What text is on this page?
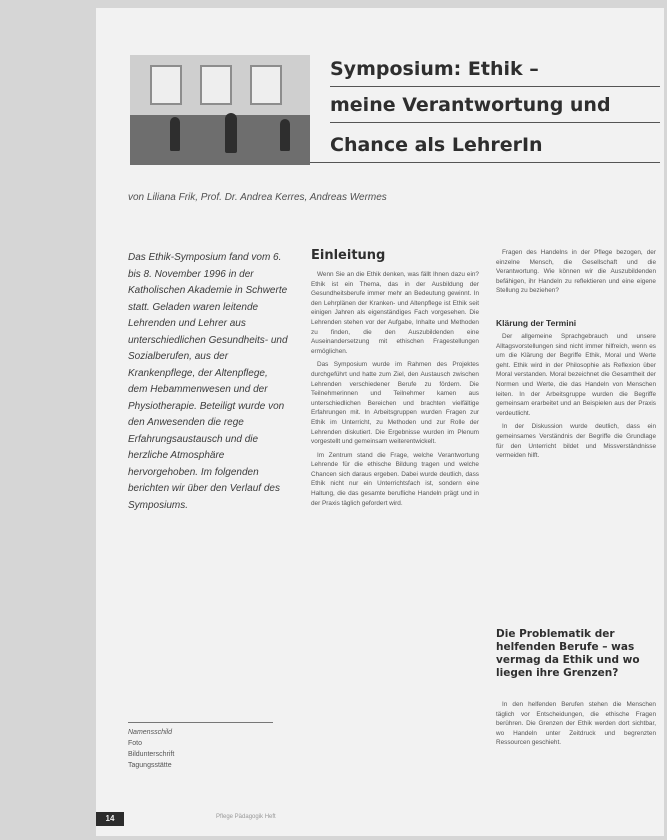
Symposium: Ethik –
meine Verantwortung und
Chance als LehrerIn
von Liliana Frik, Prof. Dr. Andrea Kerres, Andreas Wermes
Das Ethik-Symposium fand vom 6. bis 8. November 1996 in der Katholischen Akademie in Schwerte statt. Geladen waren leitende Lehrenden und Lehrer aus unterschiedlichen Gesundheits- und Sozialberufen, aus der Krankenpflege, der Altenpflege, dem Hebammenwesen und der Physiotherapie. Beteiligt wurde von den Anwesenden die rege Erfahrungsaustausch und die herzliche Atmosphäre hervorgehoben. Im folgenden berichten wir über den Verlauf des Symposiums.
Einleitung

Wenn Sie an die Ethik denken, was fällt Ihnen dazu ein? Ethik ist ein Thema, das in der Ausbildung der Gesundheitsberufe immer mehr an Bedeutung gewinnt. In den Lehrplänen der Kranken- und Altenpflege ist Ethik seit einigen Jahren als eigenständiges Fach vorgesehen. Die Lehrenden stehen vor der Aufgabe, Inhalte und Methoden zu finden, die den Auszubildenden eine Auseinandersetzung mit ethischen Fragestellungen ermöglichen.

Das Symposium wurde im Rahmen des Projektes durchgeführt und hatte zum Ziel, den Austausch zwischen Lehrenden verschiedener Berufe zu fördern. Die Teilnehmerinnen und Teilnehmer kamen aus unterschiedlichen Bereichen und brachten vielfältige Erfahrungen mit. In Arbeitsgruppen wurden Fragen zur Ethik im Unterricht, zu Methoden und zur Rolle der Lehrenden diskutiert. Die Ergebnisse wurden im Plenum vorgestellt und gemeinsam weiterentwickelt.

Im Zentrum stand die Frage, welche Verantwortung Lehrende für die ethische Bildung tragen und welche Chancen sich daraus ergeben. Dabei wurde deutlich, dass Ethik nicht nur ein Unterrichtsfach ist, sondern eine Haltung, die das gesamte berufliche Handeln prägt und in der Praxis täglich gefordert wird.

Fragen des Handelns in der Pflege bezogen, der einzelne Mensch, die Gesellschaft und die Verantwortung. Wie können wir die Auszubildenden befähigen, ihr Handeln zu reflektieren und eine eigene Stellung zu beziehen?

Klärung der Termini

Der allgemeine Sprachgebrauch und unsere Alltagsvorstellungen sind nicht immer hilfreich, wenn es um die Klärung der Begriffe Ethik, Moral und Werte geht. Ethik wird in der Philosophie als Reflexion über Moral verstanden. Moral bezeichnet die Gesamtheit der Normen und Werte, die das Handeln von Menschen leiten. In der Arbeitsgruppe wurden die Begriffe gemeinsam erarbeitet und an Beispielen aus der Praxis verdeutlicht.

In der Diskussion wurde deutlich, dass ein gemeinsames Verständnis der Begriffe die Grundlage für den Unterricht bildet und Missverständnisse vermeiden hilft.

Die Problematik der helfenden Berufe – was vermag da Ethik und wo liegen ihre Grenzen?

In den helfenden Berufen stehen die Menschen täglich vor Entscheidungen, die ethische Fragen berühren. Die Grenzen der Ethik werden dort sichtbar, wo Handeln unter Zeitdruck und begrenzten Ressourcen geschieht.

Namensschild
Foto
Bildunterschrift
Tagungsstätte
14	Pflege Pädagogik Heft
